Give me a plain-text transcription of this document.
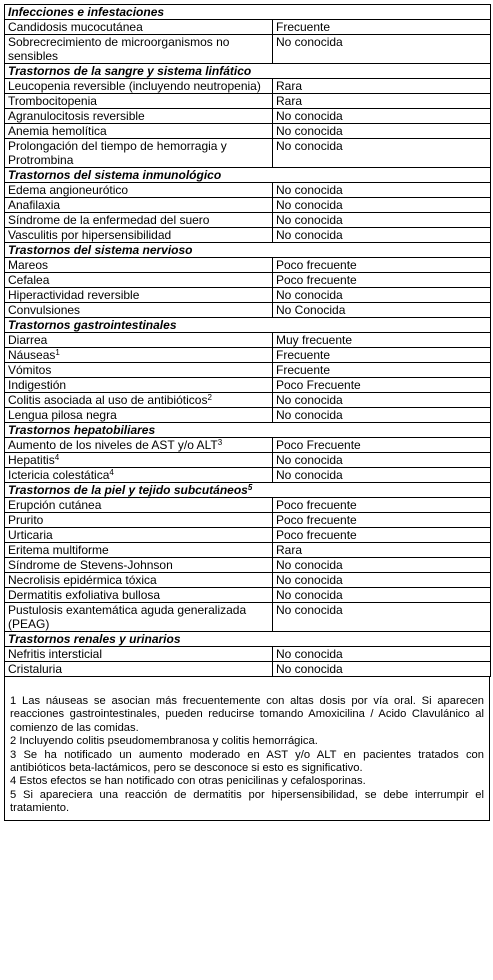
Infecciones e infestaciones	
Candidosis mucocutánea	Frecuente
Sobrecrecimiento de microorganismos no sensibles	No conocida
Trastornos de la sangre y sistema linfático	
Leucopenia reversible (incluyendo neutropenia)	Rara
Trombocitopenia	Rara
Agranulocitosis reversible	No conocida
Anemia hemolítica	No conocida
Prolongación del tiempo de hemorragia y Protrombina	No conocida
Trastornos del sistema inmunológico	
Edema angioneurótico	No conocida
Anafilaxia	No conocida
Síndrome de la enfermedad del suero	No conocida
Vasculitis por hipersensibilidad	No conocida
Trastornos del sistema nervioso	
Mareos	Poco frecuente
Cefalea	Poco frecuente
Hiperactividad reversible	No conocida
Convulsiones	No Conocida
Trastornos gastrointestinales	
Diarrea	Muy frecuente
Náuseas$^1$	Frecuente
Vómitos	Frecuente
Indigestión	Poco Frecuente
Colitis asociada al uso de antibióticos$^2$	No conocida
Lengua pilosa negra	No conocida
Trastornos hepatobiliares	
Aumento de los niveles de AST y/o ALT$^3$	Poco Frecuente
Hepatitis$^4$	No conocida
Ictericia colestática$^4$	No conocida
Trastornos de la piel y tejido subcutáneos$^5$
Erupción cutánea	Poco frecuente
Prurito	Poco frecuente
Urticaria	Poco frecuente
Eritema multiforme	Rara
Síndrome de Stevens-Johnson	No conocida
Necrolisis epidérmica tóxica	No conocida
Dermatitis exfoliativa bullosa	No conocida
Pustulosis exantemática aguda generalizada (PEAG)	No conocida
Trastornos renales y urinarios	
Nefritis intersticial	No conocida
Cristaluria	No conocida

1 Las náuseas se asocian más frecuentemente con altas dosis por vía oral. Si aparecen reacciones gastrointestinales, pueden reducirse tomando Amoxicilina / Acido Clavulánico al comienzo de las comidas.

2 Incluyendo colitis pseudomembranosa y colitis hemorrágica.

3 Se ha notificado un aumento moderado en AST y/o ALT en pacientes tratados con antibióticos beta-lactámicos, pero se desconoce si esto es significativo.

4 Estos efectos se han notificado con otras penicilinas y cefalosporinas.

5 Si apareciera una reacción de dermatitis por hipersensibilidad, se debe interrumpir el tratamiento.
